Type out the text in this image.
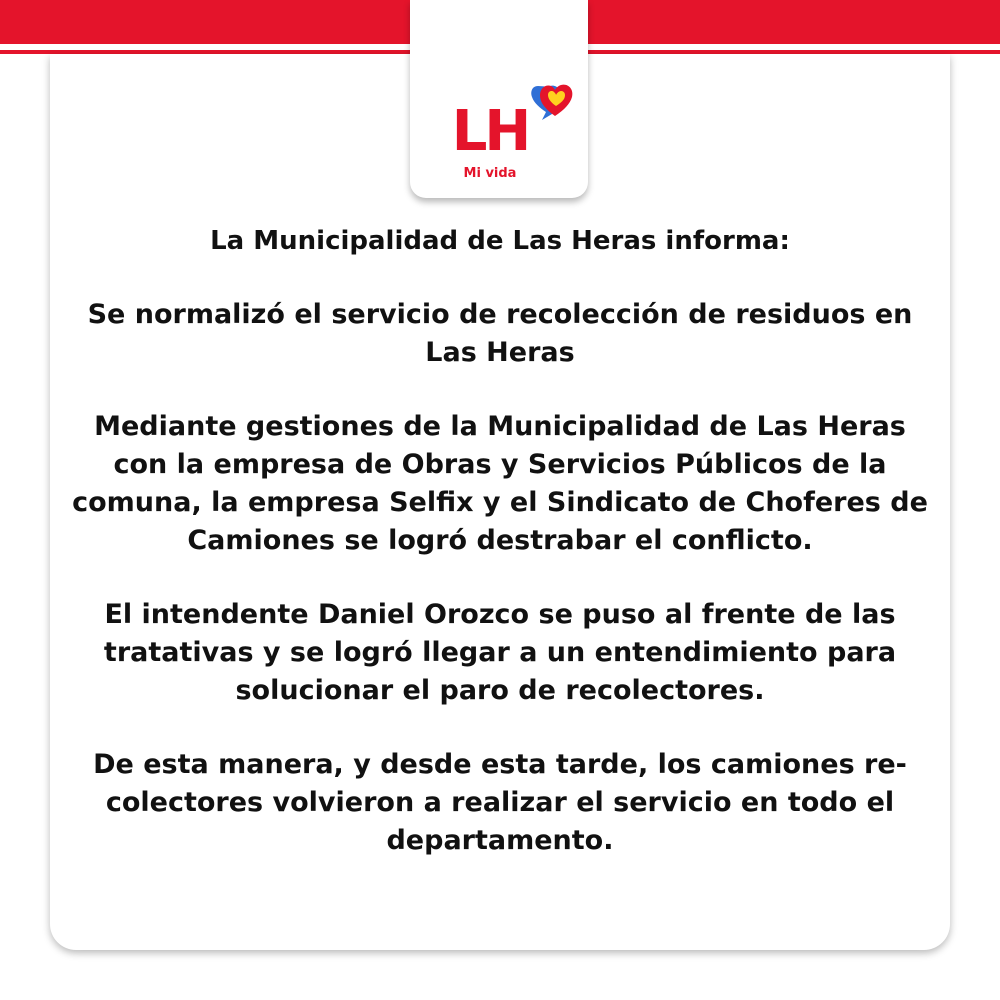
LH
Mi vida

La Municipalidad de Las Heras informa:

Se normalizó el servicio de recolección de residuos en Las Heras

Mediante gestiones de la Municipalidad de Las Heras con la empresa de Obras y Servicios Públicos de la comuna, la empresa Selfix y el Sindicato de Choferes de Camiones se logró destrabar el conflicto.

El intendente Daniel Orozco se puso al frente de las tratativas y se logró llegar a un entendimiento para solucionar el paro de recolectores.

De esta manera, y desde esta tarde, los camiones re-colectores volvieron a realizar el servicio en todo el departamento.
